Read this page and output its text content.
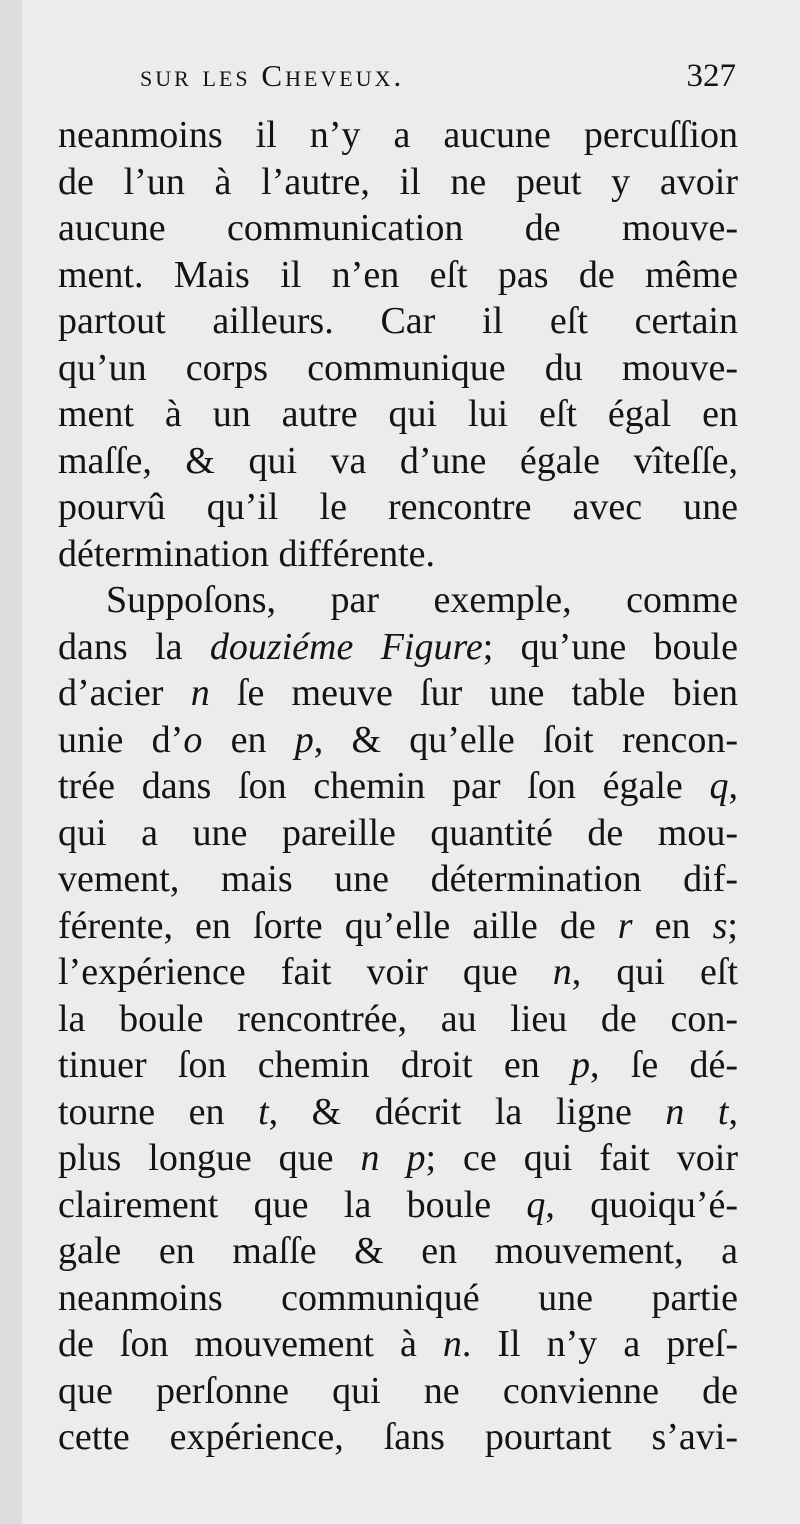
sur les Cheveux.	327
neanmoins il n’y a aucune percuſſion
de l’un à l’autre, il ne peut y avoir
aucune communication de mouve-
ment. Mais il n’en eſt pas de même
partout ailleurs. Car il eſt certain
qu’un corps communique du mouve-
ment à un autre qui lui eſt égal en
maſſe, & qui va d’une égale vîteſſe,
pourvû qu’il le rencontre avec une
détermination différente.
Suppoſons, par exemple, comme
dans la douziéme Figure; qu’une boule
d’acier n ſe meuve ſur une table bien
unie d’o en p, & qu’elle ſoit rencon-
trée dans ſon chemin par ſon égale q,
qui a une pareille quantité de mou-
vement, mais une détermination dif-
férente, en ſorte qu’elle aille de r en s;
l’expérience fait voir que n, qui eſt
la boule rencontrée, au lieu de con-
tinuer ſon chemin droit en p, ſe dé-
tourne en t, & décrit la ligne n t,
plus longue que n p; ce qui fait voir
clairement que la boule q, quoiqu’é-
gale en maſſe & en mouvement, a
neanmoins communiqué une partie
de ſon mouvement à n. Il n’y a preſ-
que perſonne qui ne convienne de
cette expérience, ſans pourtant s’avi-
